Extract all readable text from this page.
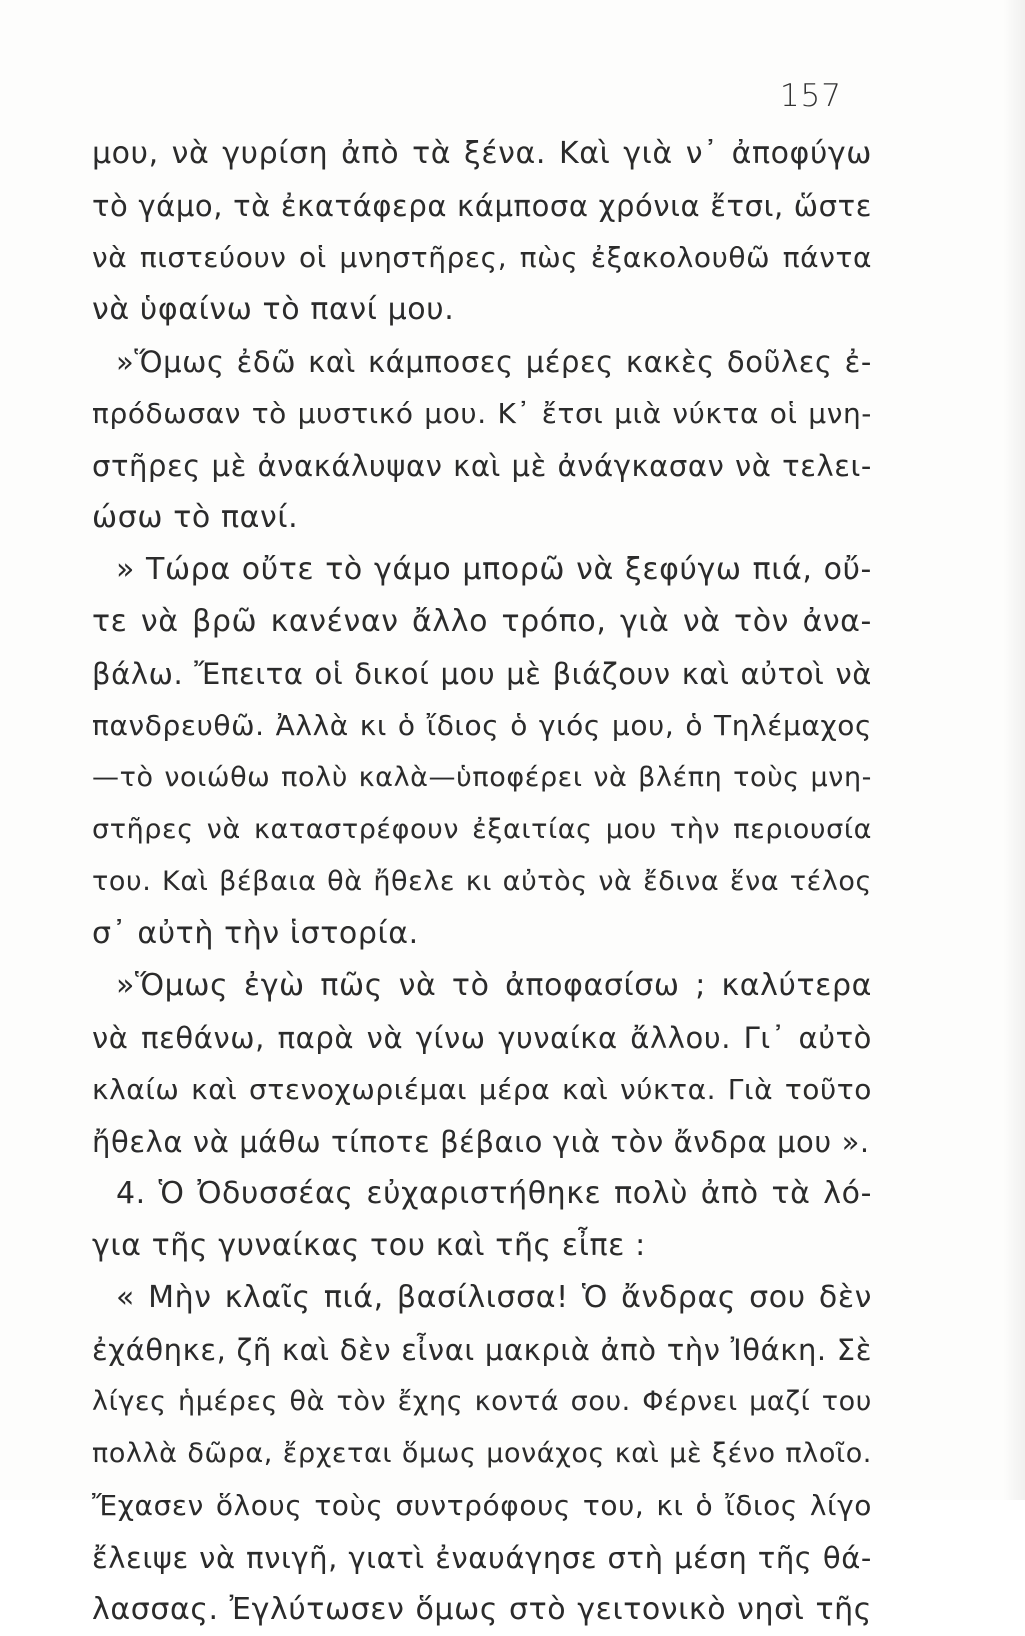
157
μου, νὰ γυρίση ἀπὸ τὰ ξένα. Καὶ γιὰ ν᾽ ἀποφύγω
τὸ γάμο, τὰ ἐκατάφερα κάμποσα χρόνια ἔτσι, ὥστε
νὰ πιστεύουν οἱ μνηστῆρες, πὼς ἐξακολουθῶ πάντα
νὰ ὑφαίνω τὸ πανί μου.
»Ὅμως ἐδῶ καὶ κάμποσες μέρες κακὲς δοῦλες ἐ-
πρόδωσαν τὸ μυστικό μου. Κ᾽ ἔτσι μιὰ νύκτα οἱ μνη-
στῆρες μὲ ἀνακάλυψαν καὶ μὲ ἀνάγκασαν νὰ τελει-
ώσω τὸ πανί.
» Τώρα οὔτε τὸ γάμο μπορῶ νὰ ξεφύγω πιά, οὔ-
τε νὰ βρῶ κανέναν ἄλλο τρόπο, γιὰ νὰ τὸν ἀνα-
βάλω. Ἔπειτα οἱ δικοί μου μὲ βιάζουν καὶ αὐτοὶ νὰ
πανδρευθῶ. Ἀλλὰ κι ὁ ἴδιος ὁ γιός μου, ὁ Τηλέμαχος
—τὸ νοιώθω πολὺ καλὰ—ὑποφέρει νὰ βλέπη τοὺς μνη-
στῆρες νὰ καταστρέφουν ἐξαιτίας μου τὴν περιουσία
του. Καὶ βέβαια θὰ ἤθελε κι αὐτὸς νὰ ἔδινα ἕνα τέλος
σ᾽ αὐτὴ τὴν ἱστορία.
»Ὅμως ἐγὼ πῶς νὰ τὸ ἀποφασίσω ; καλύτερα
νὰ πεθάνω, παρὰ νὰ γίνω γυναίκα ἄλλου. Γι᾽ αὐτὸ
κλαίω καὶ στενοχωριέμαι μέρα καὶ νύκτα. Γιὰ τοῦτο
ἤθελα νὰ μάθω τίποτε βέβαιο γιὰ τὸν ἄνδρα μου ».
4. Ὁ Ὀδυσσέας εὐχαριστήθηκε πολὺ ἀπὸ τὰ λό-
για τῆς γυναίκας του καὶ τῆς εἶπε :
« Μὴν κλαῖς πιά, βασίλισσα! Ὁ ἄνδρας σου δὲν
ἐχάθηκε, ζῆ καὶ δὲν εἶναι μακριὰ ἀπὸ τὴν Ἰθάκη. Σὲ
λίγες ἡμέρες θὰ τὸν ἔχης κοντά σου. Φέρνει μαζί του
πολλὰ δῶρα, ἔρχεται ὅμως μονάχος καὶ μὲ ξένο πλοῖο.
Ἔχασεν ὅλους τοὺς συντρόφους του, κι ὁ ἴδιος λίγο
ἔλειψε νὰ πνιγῆ, γιατὶ ἐναυάγησε στὴ μέση τῆς θά-
λασσας. Ἐγλύτωσεν ὅμως στὸ γειτονικὸ νησὶ τῆς
